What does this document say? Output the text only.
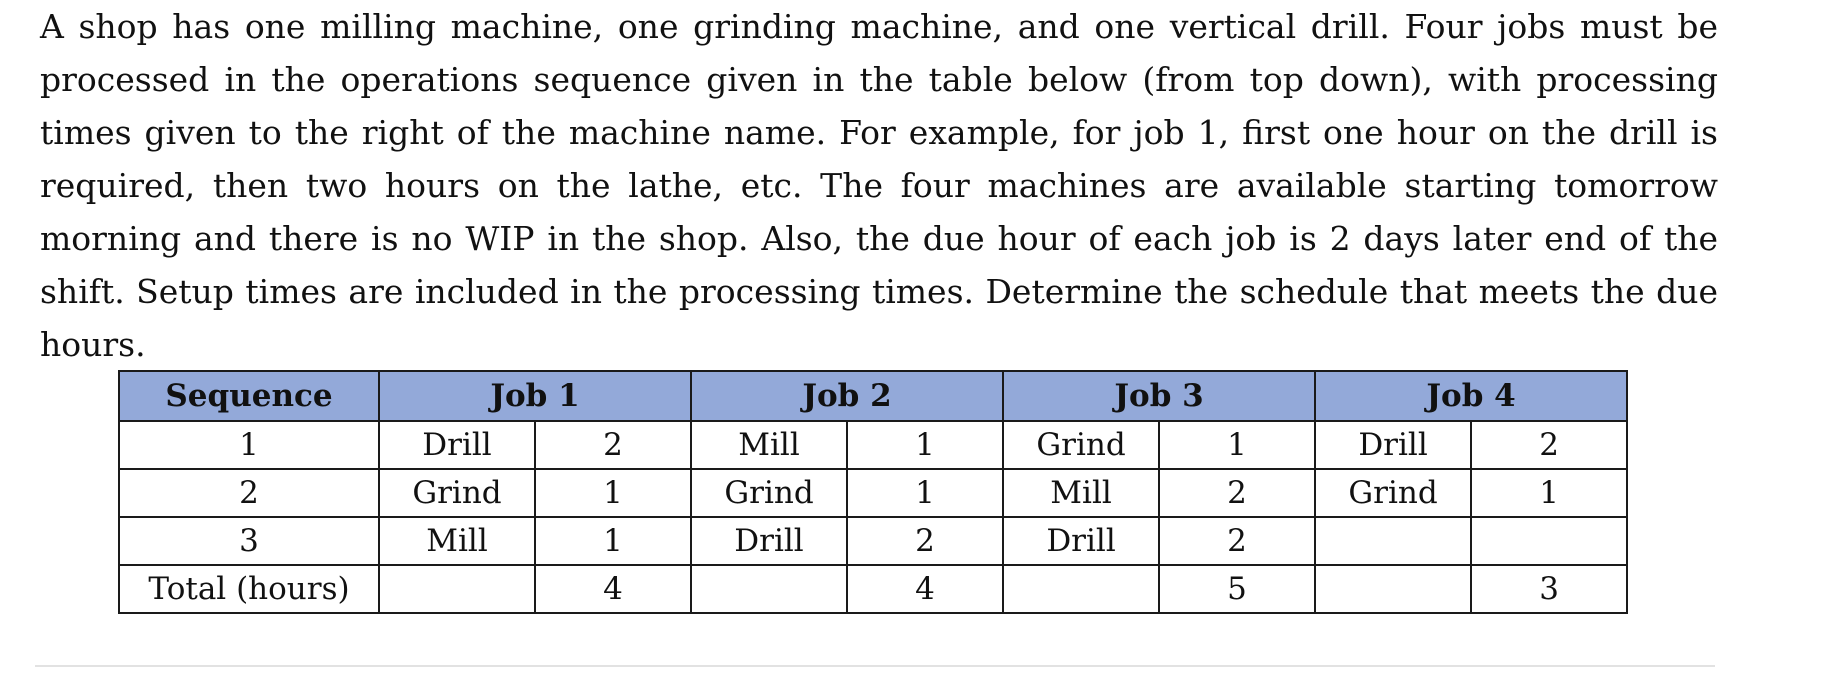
A shop has one milling machine, one grinding machine, and one vertical drill. Four jobs must be processed in the operations sequence given in the table below (from top down), with processing times given to the right of the machine name. For example, for job 1, first one hour on the drill is required, then two hours on the lathe, etc. The four machines are available starting tomorrow morning and there is no WIP in the shop. Also, the due hour of each job is 2 days later end of the shift. Setup times are included in the processing times. Determine the schedule that meets the due hours.

Sequence	Job 1		Job 2		Job 3		Job 4	
1	Drill	2	Mill	1	Grind	1	Drill	2
2	Grind	1	Grind	1	Mill	2	Grind	1
3	Mill	1	Drill	2	Drill	2		
Total (hours)		4		4		5		3
